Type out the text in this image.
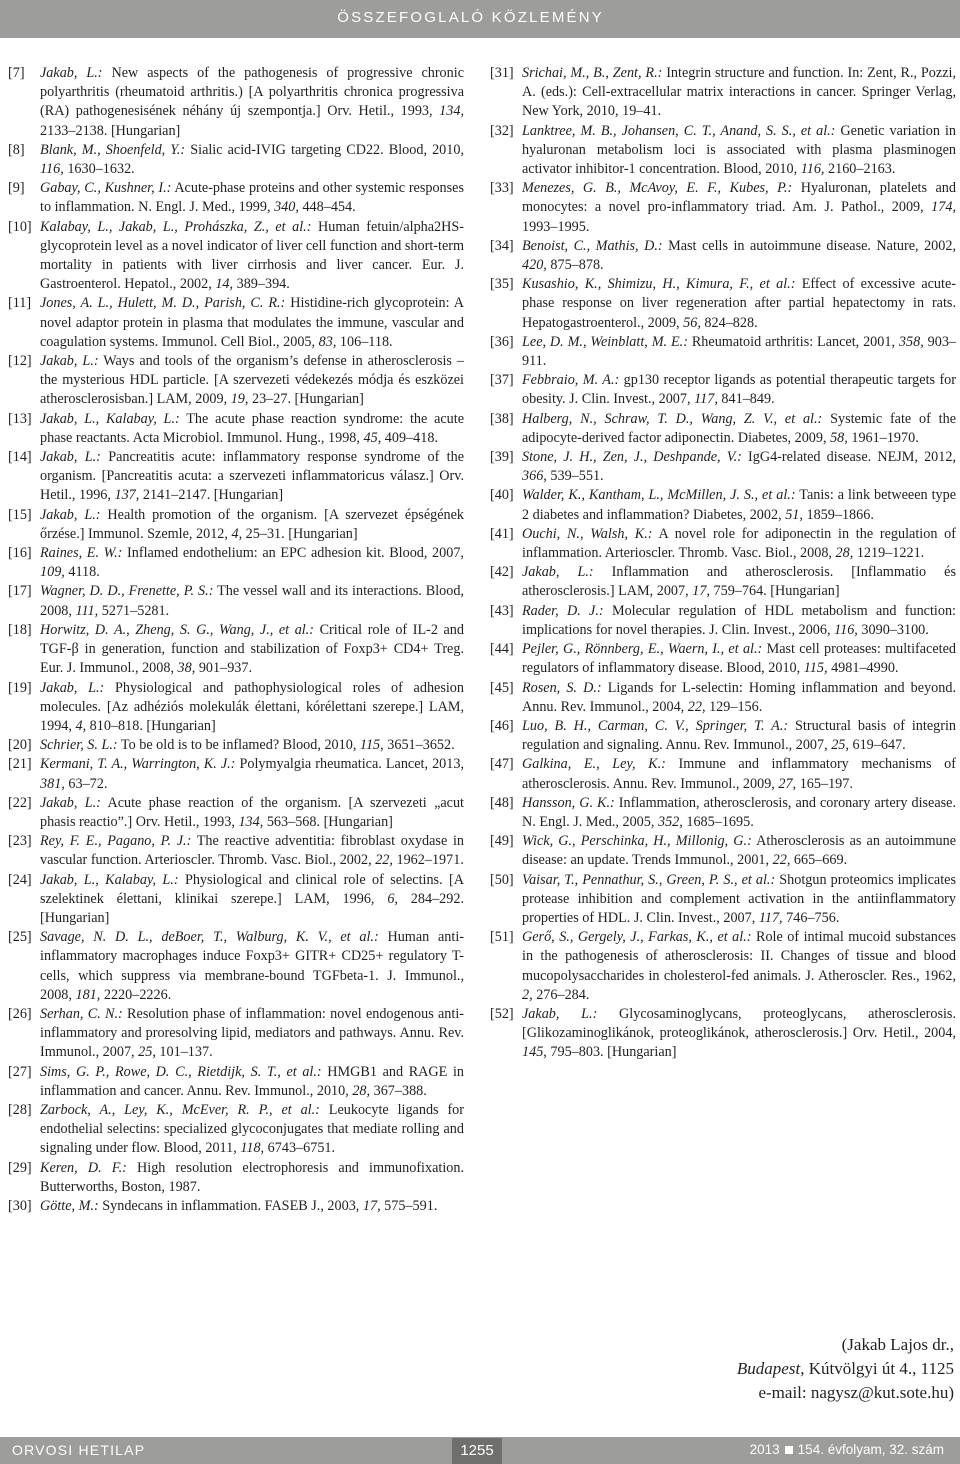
ÖSSZEFOGLALÓ KÖZLEMÉNY

[7] Jakab, L.: New aspects of the pathogenesis of progressive chronic polyarthritis (rheumatoid arthritis.) [A polyarthritis chronica progressiva (RA) pathogenesisének néhány új szempontja.] Orv. Hetil., 1993, 134, 2133–2138. [Hungarian]

[8] Blank, M., Shoenfeld, Y.: Sialic acid-IVIG targeting CD22. Blood, 2010, 116, 1630–1632.

[9] Gabay, C., Kushner, I.: Acute-phase proteins and other systemic responses to inflammation. N. Engl. J. Med., 1999, 340, 448–454.

[10] Kalabay, L., Jakab, L., Prohászka, Z., et al.: Human fetuin/alpha2HS-glycoprotein level as a novel indicator of liver cell function and short-term mortality in patients with liver cirrhosis and liver cancer. Eur. J. Gastroenterol. Hepatol., 2002, 14, 389–394.

[11] Jones, A. L., Hulett, M. D., Parish, C. R.: Histidine-rich glycoprotein: A novel adaptor protein in plasma that modulates the immune, vascular and coagulation systems. Immunol. Cell Biol., 2005, 83, 106–118.

[12] Jakab, L.: Ways and tools of the organism’s defense in atherosclerosis – the mysterious HDL particle. [A szervezeti védekezés módja és eszközei atherosclerosisban.] LAM, 2009, 19, 23–27. [Hungarian]

[13] Jakab, L., Kalabay, L.: The acute phase reaction syndrome: the acute phase reactants. Acta Microbiol. Immunol. Hung., 1998, 45, 409–418.

[14] Jakab, L.: Pancreatitis acute: inflammatory response syndrome of the organism. [Pancreatitis acuta: a szervezeti inflammatoricus válasz.] Orv. Hetil., 1996, 137, 2141–2147. [Hungarian]

[15] Jakab, L.: Health promotion of the organism. [A szervezet épségének őrzése.] Immunol. Szemle, 2012, 4, 25–31. [Hungarian]

[16] Raines, E. W.: Inflamed endothelium: an EPC adhesion kit. Blood, 2007, 109, 4118.

[17] Wagner, D. D., Frenette, P. S.: The vessel wall and its interactions. Blood, 2008, 111, 5271–5281.

[18] Horwitz, D. A., Zheng, S. G., Wang, J., et al.: Critical role of IL-2 and TGF-β in generation, function and stabilization of Foxp3+ CD4+ Treg. Eur. J. Immunol., 2008, 38, 901–937.

[19] Jakab, L.: Physiological and pathophysiological roles of adhesion molecules. [Az adhéziós molekulák élettani, kórélettani szerepe.] LAM, 1994, 4, 810–818. [Hungarian]

[20] Schrier, S. L.: To be old is to be inflamed? Blood, 2010, 115, 3651–3652.

[21] Kermani, T. A., Warrington, K. J.: Polymyalgia rheumatica. Lancet, 2013, 381, 63–72.

[22] Jakab, L.: Acute phase reaction of the organism. [A szervezeti „acut phasis reactio”.] Orv. Hetil., 1993, 134, 563–568. [Hungarian]

[23] Rey, F. E., Pagano, P. J.: The reactive adventitia: fibroblast oxydase in vascular function. Arterioscler. Thromb. Vasc. Biol., 2002, 22, 1962–1971.

[24] Jakab, L., Kalabay, L.: Physiological and clinical role of selectins. [A szelektinek élettani, klinikai szerepe.] LAM, 1996, 6, 284–292. [Hungarian]

[25] Savage, N. D. L., deBoer, T., Walburg, K. V., et al.: Human anti-inflammatory macrophages induce Foxp3+ GITR+ CD25+ regulatory T-cells, which suppress via membrane-bound TGFbeta-1. J. Immunol., 2008, 181, 2220–2226.

[26] Serhan, C. N.: Resolution phase of inflammation: novel endogenous anti-inflammatory and proresolving lipid, mediators and pathways. Annu. Rev. Immunol., 2007, 25, 101–137.

[27] Sims, G. P., Rowe, D. C., Rietdijk, S. T., et al.: HMGB1 and RAGE in inflammation and cancer. Annu. Rev. Immunol., 2010, 28, 367–388.

[28] Zarbock, A., Ley, K., McEver, R. P., et al.: Leukocyte ligands for endothelial selectins: specialized glycoconjugates that mediate rolling and signaling under flow. Blood, 2011, 118, 6743–6751.

[29] Keren, D. F.: High resolution electrophoresis and immunofixation. Butterworths, Boston, 1987.

[30] Götte, M.: Syndecans in inflammation. FASEB J., 2003, 17, 575–591.

[31] Srichai, M., B., Zent, R.: Integrin structure and function. In: Zent, R., Pozzi, A. (eds.): Cell-extracellular matrix interactions in cancer. Springer Verlag, New York, 2010, 19–41.

[32] Lanktree, M. B., Johansen, C. T., Anand, S. S., et al.: Genetic variation in hyaluronan metabolism loci is associated with plasma plasminogen activator inhibitor-1 concentration. Blood, 2010, 116, 2160–2163.

[33] Menezes, G. B., McAvoy, E. F., Kubes, P.: Hyaluronan, platelets and monocytes: a novel pro-inflammatory triad. Am. J. Pathol., 2009, 174, 1993–1995.

[34] Benoist, C., Mathis, D.: Mast cells in autoimmune disease. Nature, 2002, 420, 875–878.

[35] Kusashio, K., Shimizu, H., Kimura, F., et al.: Effect of excessive acute-phase response on liver regeneration after partial hepatectomy in rats. Hepatogastroenterol., 2009, 56, 824–828.

[36] Lee, D. M., Weinblatt, M. E.: Rheumatoid arthritis: Lancet, 2001, 358, 903–911.

[37] Febbraio, M. A.: gp130 receptor ligands as potential therapeutic targets for obesity. J. Clin. Invest., 2007, 117, 841–849.

[38] Halberg, N., Schraw, T. D., Wang, Z. V., et al.: Systemic fate of the adipocyte-derived factor adiponectin. Diabetes, 2009, 58, 1961–1970.

[39] Stone, J. H., Zen, J., Deshpande, V.: IgG4-related disease. NEJM, 2012, 366, 539–551.

[40] Walder, K., Kantham, L., McMillen, J. S., et al.: Tanis: a link betweeen type 2 diabetes and inflammation? Diabetes, 2002, 51, 1859–1866.

[41] Ouchi, N., Walsh, K.: A novel role for adiponectin in the regulation of inflammation. Arterioscler. Thromb. Vasc. Biol., 2008, 28, 1219–1221.

[42] Jakab, L.: Inflammation and atherosclerosis. [Inflammatio és atherosclerosis.] LAM, 2007, 17, 759–764. [Hungarian]

[43] Rader, D. J.: Molecular regulation of HDL metabolism and function: implications for novel therapies. J. Clin. Invest., 2006, 116, 3090–3100.

[44] Pejler, G., Rönnberg, E., Waern, I., et al.: Mast cell proteases: multifaceted regulators of inflammatory disease. Blood, 2010, 115, 4981–4990.

[45] Rosen, S. D.: Ligands for L-selectin: Homing inflammation and beyond. Annu. Rev. Immunol., 2004, 22, 129–156.

[46] Luo, B. H., Carman, C. V., Springer, T. A.: Structural basis of integrin regulation and signaling. Annu. Rev. Immunol., 2007, 25, 619–647.

[47] Galkina, E., Ley, K.: Immune and inflammatory mechanisms of atherosclerosis. Annu. Rev. Immunol., 2009, 27, 165–197.

[48] Hansson, G. K.: Inflammation, atherosclerosis, and coronary artery disease. N. Engl. J. Med., 2005, 352, 1685–1695.

[49] Wick, G., Perschinka, H., Millonig, G.: Atherosclerosis as an autoimmune disease: an update. Trends Immunol., 2001, 22, 665–669.

[50] Vaisar, T., Pennathur, S., Green, P. S., et al.: Shotgun proteomics implicates protease inhibition and complement activation in the antiinflammatory properties of HDL. J. Clin. Invest., 2007, 117, 746–756.

[51] Gerő, S., Gergely, J., Farkas, K., et al.: Role of intimal mucoid substances in the pathogenesis of atherosclerosis: II. Changes of tissue and blood mucopolysaccharides in cholesterol-fed animals. J. Atheroscler. Res., 1962, 2, 276–284.

[52] Jakab, L.: Glycosaminoglycans, proteoglycans, atherosclerosis. [Glikozaminoglikánok, proteoglikánok, atherosclerosis.] Orv. Hetil., 2004, 145, 795–803. [Hungarian]

(Jakab Lajos dr.,
Budapest, Kútvölgyi út 4., 1125
e-mail: nagysz@kut.sote.hu)
ORVOSI HETILAP	1255	2013 154. évfolyam, 32. szám
